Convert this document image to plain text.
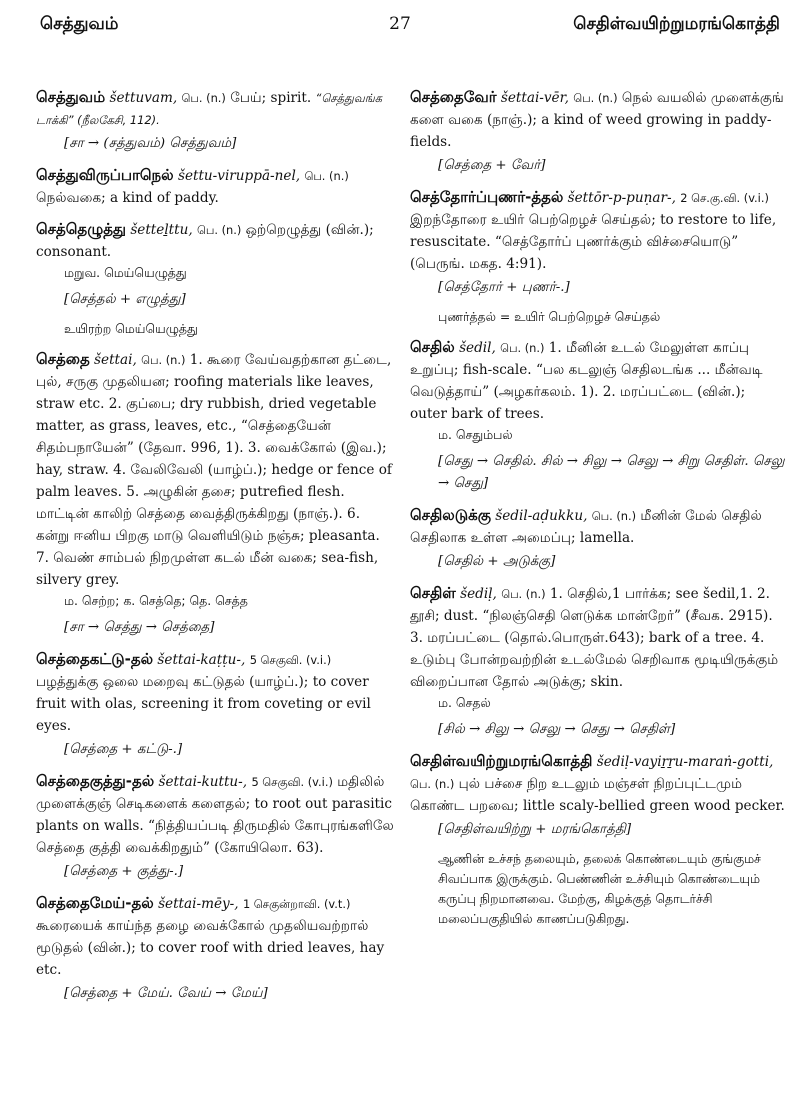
செத்துவம்	27	செதிள்வயிற்றுமரங்கொத்தி
செத்துவம் šettuvam, பெ. (n.) பேய்; spirit. “செத்துவங்க டாக்கி” (நீலகேசி, 112).
[சா → (சத்துவம்) செத்துவம்]
செத்துவிருப்பாநெல் šettu-viruppā-nel, பெ. (n.) நெல்வகை; a kind of paddy.
செத்தெழுத்து šetteḻttu, பெ. (n.) ஒற்றெழுத்து (வின்.); consonant.
மறுவ. மெய்யெழுத்து
[செத்தல் + எழுத்து]
உயிரற்ற மெய்யெழுத்து
செத்தை šettai, பெ. (n.) 1. கூரை வேய்வதற்கான தட்டை, புல், சருகு முதலியன; roofing materials like leaves, straw etc. 2. குப்பை; dry rubbish, dried vegetable matter, as grass, leaves, etc., “செத்தையேன் சிதம்பநாயேன்” (தேவா. 996, 1). 3. வைக்கோல் (இவ.); hay, straw. 4. வேலிவேலி (யாழ்ப்.); hedge or fence of palm leaves. 5. அழுகின் தசை; putrefied flesh. மாட்டின் காலிற் செத்தை வைத்திருக்கிறது (நாஞ்.). 6. கன்று ஈனிய பிறகு மாடு வெளியிடும் நஞ்சு; pleasanta. 7. வெண் சாம்பல் நிறமுள்ள கடல் மீன் வகை; sea-fish, silvery grey.
ம. செற்ற; க. செத்தெ; தெ. செத்த
[சா → செத்து → செத்தை]
செத்தைகட்டு-தல் šettai-kaṭṭu-, 5 செகுவி. (v.i.) பழத்துக்கு ஒலை மறைவு கட்டுதல் (யாழ்ப்.); to cover fruit with olas, screening it from coveting or evil eyes.
[செத்தை + கட்டு-.]
செத்தைகுத்து-தல் šettai-kuttu-, 5 செகுவி. (v.i.) மதிலில் முளைக்குஞ் செடிகளைக் களைதல்; to root out parasitic plants on walls. “நித்தியப்படி திருமதில் கோபுரங்களிலே செத்தை குத்தி வைக்கிறதும்” (கோயிலொ. 63).
[செத்தை + குத்து-.]
செத்தைமேய்-தல் šettai-mēy-, 1 செகுன்றாவி. (v.t.) கூரையைக் காய்ந்த தழை வைக்கோல் முதலியவற்றால் மூடுதல் (வின்.); to cover roof with dried leaves, hay etc.
[செத்தை + மேய். வேய் → மேய்]
செத்தைவேர் šettai-vēr, பெ. (n.) நெல் வயலில் முளைக்குங் களை வகை (நாஞ்.); a kind of weed growing in paddy-fields.
[செத்தை + வேர்]
செத்தோர்ப்புணர்-த்தல் šettōr-p-puṇar-, 2 செ.கு.வி. (v.i.) இறந்தோரை உயிர் பெற்றெழச் செய்தல்; to restore to life, resuscitate. “செத்தோர்ப் புணர்க்கும் விச்சையொடு” (பெருங். மகத. 4:91).
[செத்தோர் + புணர்-.]
புணர்த்தல் = உயிர் பெற்றெழச் செய்தல்
செதில் šedil, பெ. (n.) 1. மீனின் உடல் மேலுள்ள காப்பு உறுப்பு; fish-scale. “பல கடலுஞ் செதிலடங்க ... மீன்வடி வெடுத்தாய்” (அழகர்கலம். 1). 2. மரப்பட்டை (வின்.); outer bark of trees.
ம. செதும்பல்
[செது → செதில். சில் → சிலு → செலு → சிறு செதிள். செலு → செது]
செதிலடுக்கு šedil-aḍukku, பெ. (n.) மீனின் மேல் செதில் செதிலாக உள்ள அமைப்பு; lamella.
[செதில் + அடுக்கு]
செதிள் šediḷ, பெ. (n.) 1. செதில்,1 பார்க்க; see šedil,1. 2. தூசி; dust. “நிலஞ்செதி ளெடுக்க மான்றேர்” (சீவக. 2915). 3. மரப்பட்டை (தொல்.பொருள்.643); bark of a tree. 4. உடும்பு போன்றவற்றின் உடல்மேல் செறிவாக மூடியிருக்கும் விறைப்பான தோல் அடுக்கு; skin.
ம. செதல்
[சில் → சிலு → செலு → செது → செதிள்]
செதிள்வயிற்றுமரங்கொத்தி šediḷ-vayiṟṟu-maraṅ-gotti, பெ. (n.) புல் பச்சை நிற உடலும் மஞ்சள் நிறப்புட்டமும் கொண்ட பறவை; little scaly-bellied green wood pecker.
[செதிள்வயிற்று + மரங்கொத்தி]
ஆணின் உச்சந் தலையும், தலைக் கொண்டையும் குங்குமச் சிவப்பாக இருக்கும். பெண்ணின் உச்சியும் கொண்டையும் கருப்பு நிறமானவை. மேற்கு, கிழக்குத் தொடர்ச்சி மலைப்பகுதியில் காணப்படுகிறது.
